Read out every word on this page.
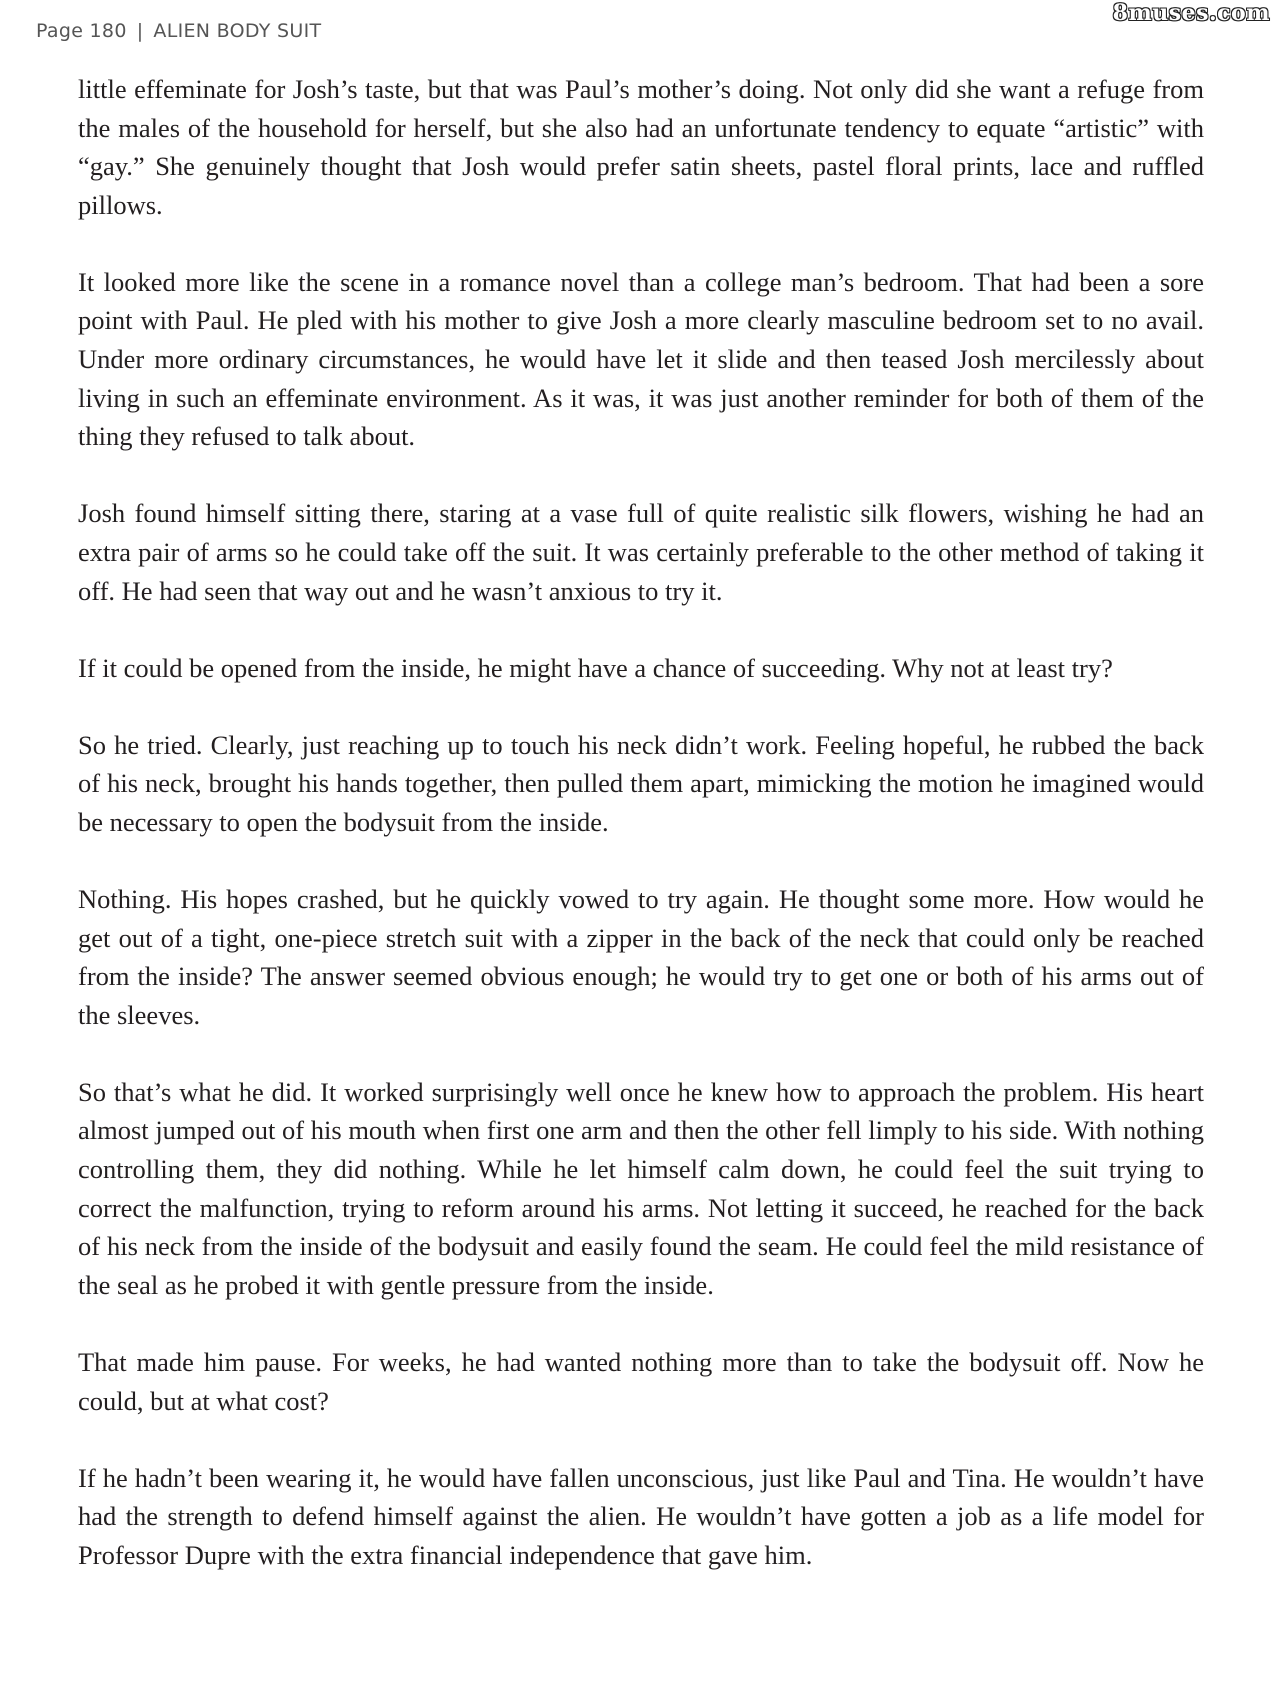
Page 180 | ALIEN BODY SUIT
8muses.com

little effeminate for Josh’s taste, but that was Paul’s mother’s doing. Not only did she want a refuge from the males of the household for herself, but she also had an unfortunate tendency to equate “artistic” with “gay.” She genuinely thought that Josh would prefer satin sheets, pastel floral prints, lace and ruffled pillows.

It looked more like the scene in a romance novel than a college man’s bedroom. That had been a sore point with Paul. He pled with his mother to give Josh a more clearly masculine bedroom set to no avail. Under more ordinary circumstances, he would have let it slide and then teased Josh mercilessly about living in such an effeminate environment. As it was, it was just another reminder for both of them of the thing they refused to talk about.

Josh found himself sitting there, staring at a vase full of quite realistic silk flowers, wishing he had an extra pair of arms so he could take off the suit. It was certainly preferable to the other method of taking it off. He had seen that way out and he wasn’t anxious to try it.

If it could be opened from the inside, he might have a chance of succeeding. Why not at least try?

So he tried. Clearly, just reaching up to touch his neck didn’t work. Feeling hopeful, he rubbed the back of his neck, brought his hands together, then pulled them apart, mimicking the motion he imagined would be necessary to open the bodysuit from the inside.

Nothing. His hopes crashed, but he quickly vowed to try again. He thought some more. How would he get out of a tight, one-piece stretch suit with a zipper in the back of the neck that could only be reached from the inside? The answer seemed obvious enough; he would try to get one or both of his arms out of the sleeves.

So that’s what he did. It worked surprisingly well once he knew how to approach the problem. His heart almost jumped out of his mouth when first one arm and then the other fell limply to his side. With nothing controlling them, they did nothing. While he let himself calm down, he could feel the suit trying to correct the malfunction, trying to reform around his arms. Not letting it succeed, he reached for the back of his neck from the inside of the bodysuit and easily found the seam. He could feel the mild resistance of the seal as he probed it with gentle pressure from the inside.

That made him pause. For weeks, he had wanted nothing more than to take the bodysuit off. Now he could, but at what cost?

If he hadn’t been wearing it, he would have fallen unconscious, just like Paul and Tina. He wouldn’t have had the strength to defend himself against the alien. He wouldn’t have gotten a job as a life model for Professor Dupre with the extra financial independence that gave him.
